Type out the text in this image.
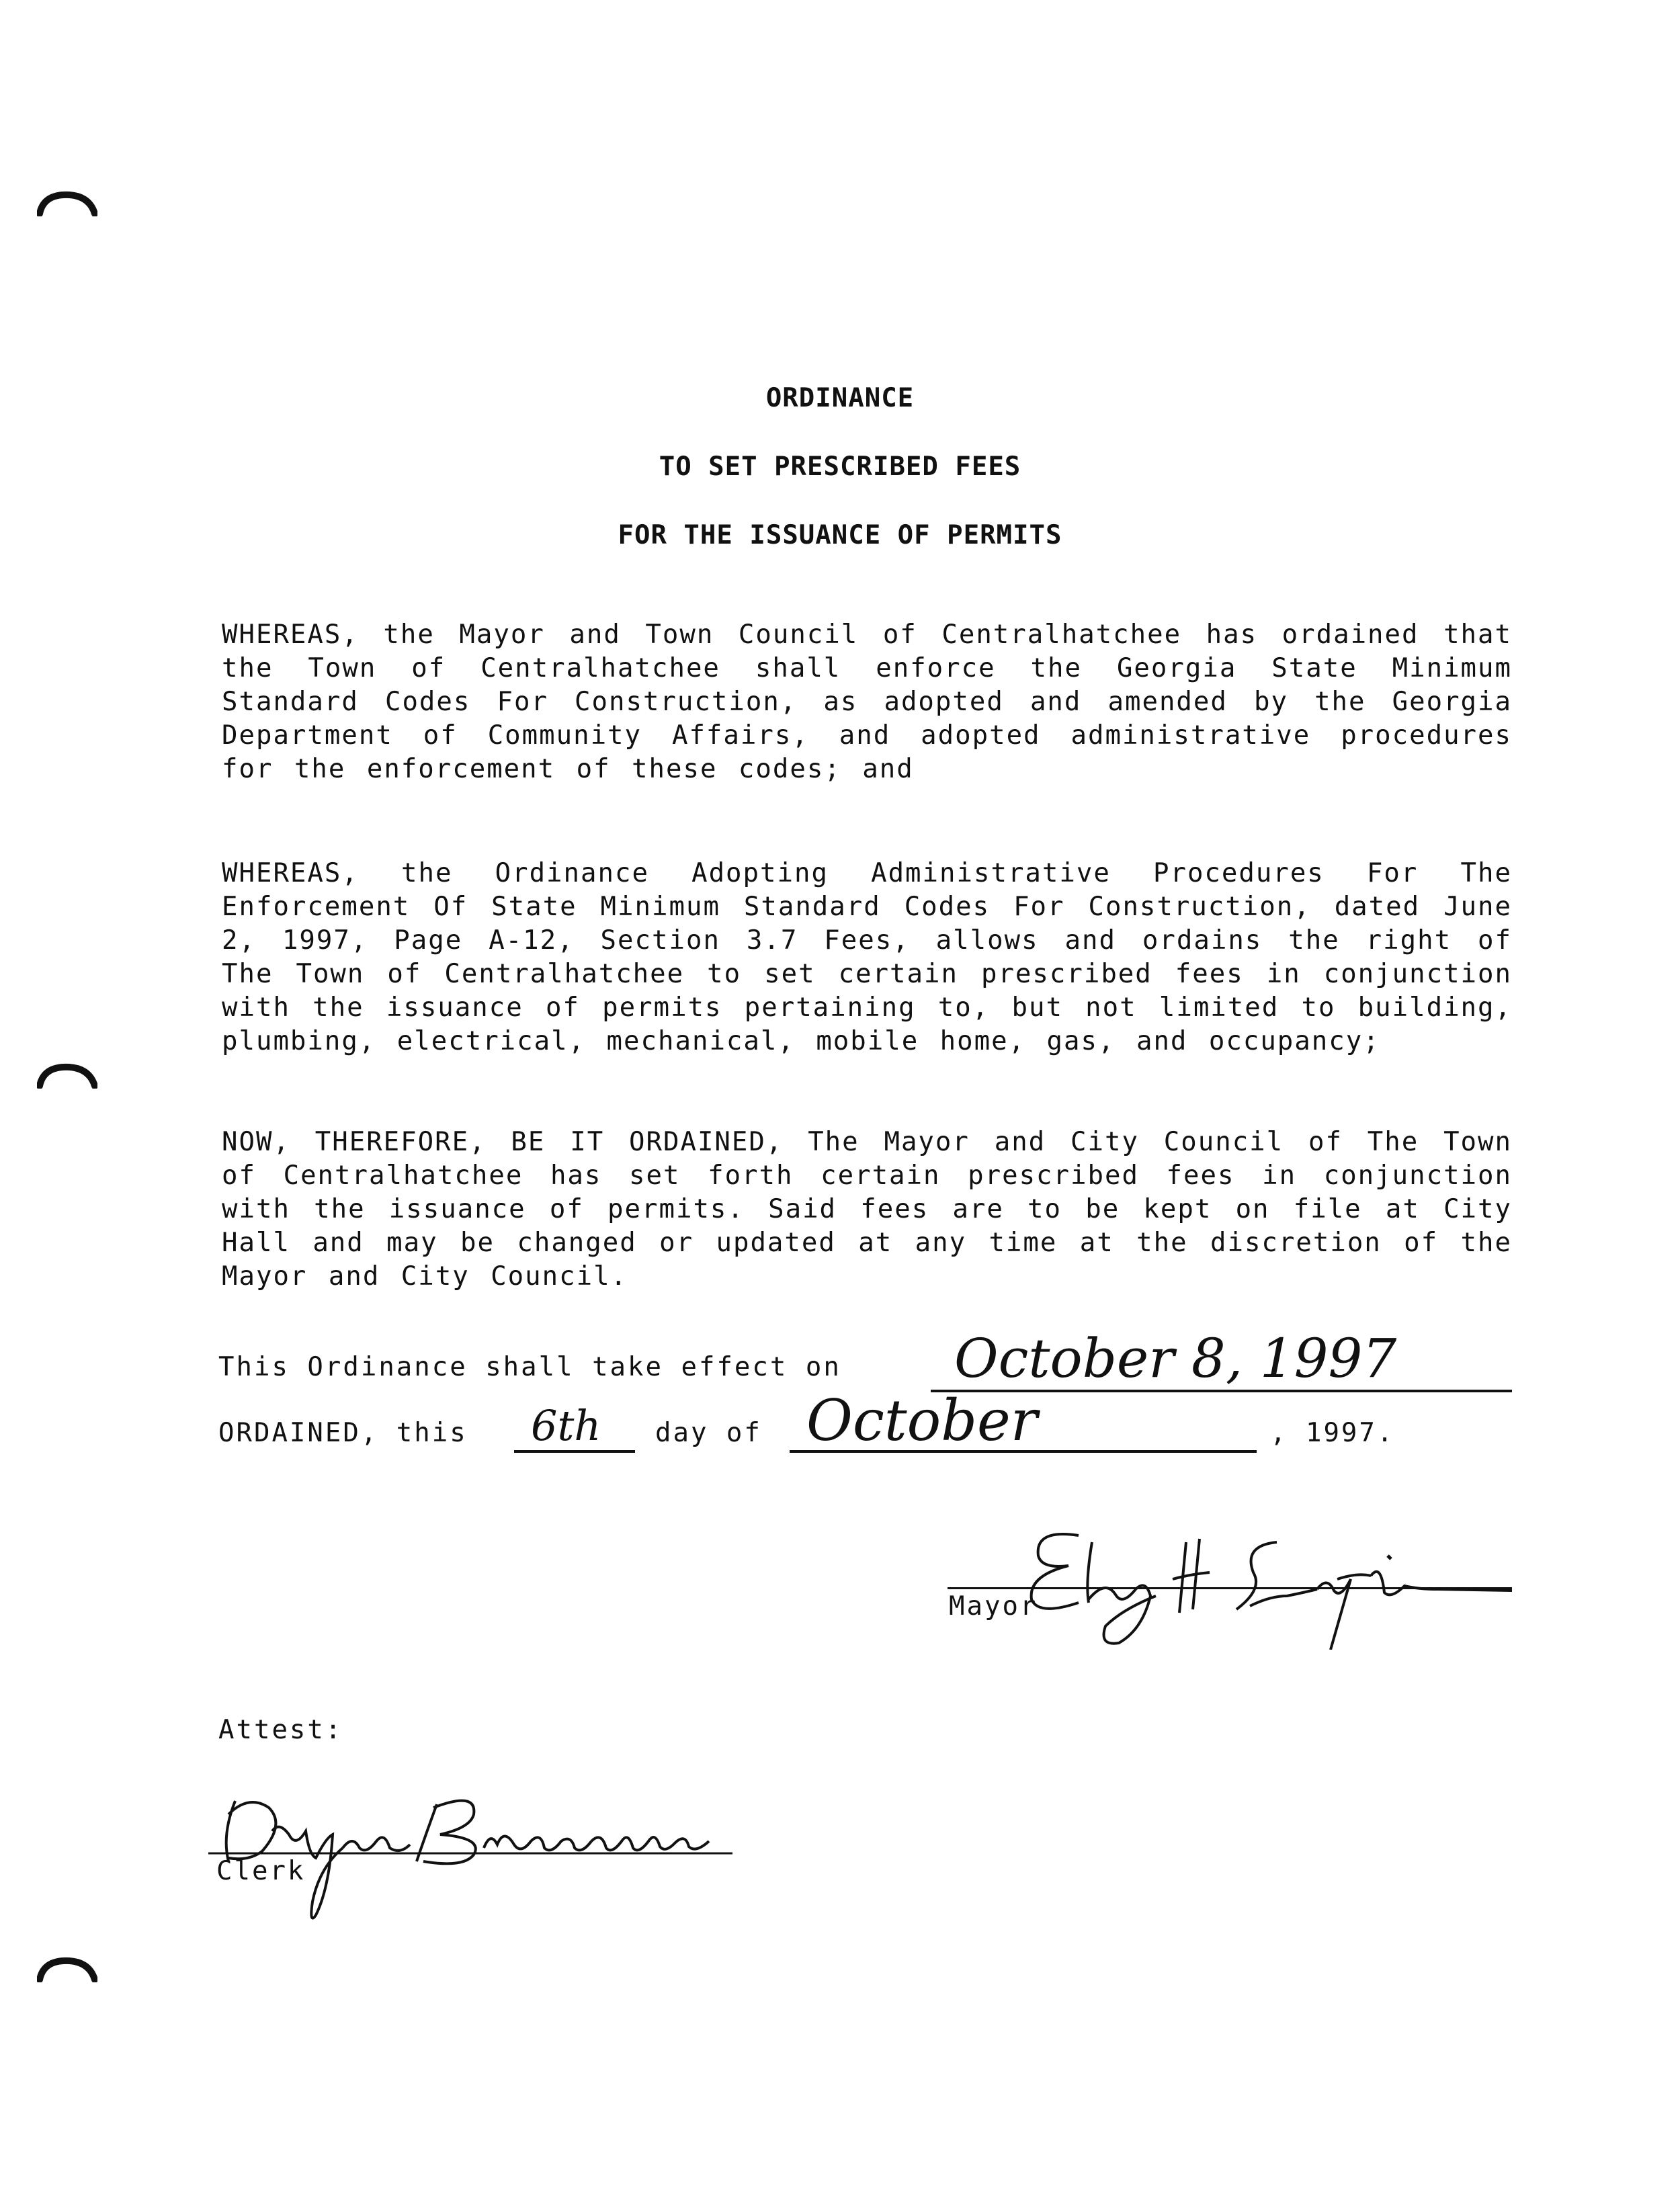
ORDINANCE
TO SET PRESCRIBED FEES
FOR THE ISSUANCE OF PERMITS
WHEREAS, the Mayor and Town Council of Centralhatchee has ordained that the Town of Centralhatchee shall enforce the Georgia State Minimum Standard Codes For Construction, as adopted and amended by the Georgia Department of Community Affairs, and adopted administrative procedures for the enforcement of these codes; and
WHEREAS, the Ordinance Adopting Administrative Procedures For The Enforcement Of State Minimum Standard Codes For Construction, dated June 2, 1997, Page A-12, Section 3.7 Fees, allows and ordains the right of The Town of Centralhatchee to set certain prescribed fees in conjunction with the issuance of permits pertaining to, but not limited to building, plumbing, electrical, mechanical, mobile home, gas, and occupancy;
NOW, THEREFORE, BE IT ORDAINED, The Mayor and City Council of The Town of Centralhatchee has set forth certain prescribed fees in conjunction with the issuance of permits. Said fees are to be kept on file at City Hall and may be changed or updated at any time at the discretion of the Mayor and City Council.
This Ordinance shall take effect on October 8, 1997
ORDAINED, this 6th day of October	, 1997.
Mayor
Attest:
Clerk
